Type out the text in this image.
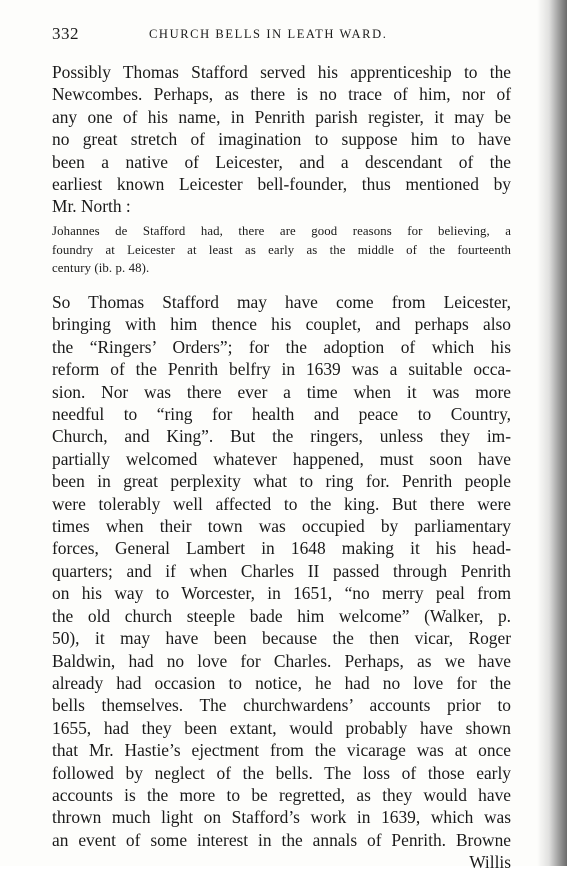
332	CHURCH BELLS IN LEATH WARD.
Possibly Thomas Stafford served his apprenticeship to the
Newcombes. Perhaps, as there is no trace of him, nor of
any one of his name, in Penrith parish register, it may be
no great stretch of imagination to suppose him to have
been a native of Leicester, and a descendant of the
earliest known Leicester bell-founder, thus mentioned by
Mr. North :
Johannes de Stafford had, there are good reasons for believing, a
foundry at Leicester at least as early as the middle of the fourteenth
century (ib. p. 48).
So Thomas Stafford may have come from Leicester,
bringing with him thence his couplet, and perhaps also
the “Ringers’ Orders”; for the adoption of which his
reform of the Penrith belfry in 1639 was a suitable occa-
sion. Nor was there ever a time when it was more
needful to “ring for health and peace to Country,
Church, and King”. But the ringers, unless they im-
partially welcomed whatever happened, must soon have
been in great perplexity what to ring for. Penrith people
were tolerably well affected to the king. But there were
times when their town was occupied by parliamentary
forces, General Lambert in 1648 making it his head-
quarters; and if when Charles II passed through Penrith
on his way to Worcester, in 1651, “no merry peal from
the old church steeple bade him welcome” (Walker, p.
50), it may have been because the then vicar, Roger
Baldwin, had no love for Charles. Perhaps, as we have
already had occasion to notice, he had no love for the
bells themselves. The churchwardens’ accounts prior to
1655, had they been extant, would probably have shown
that Mr. Hastie’s ejectment from the vicarage was at once
followed by neglect of the bells. The loss of those early
accounts is the more to be regretted, as they would have
thrown much light on Stafford’s work in 1639, which was
an event of some interest in the annals of Penrith. Browne
Willis
